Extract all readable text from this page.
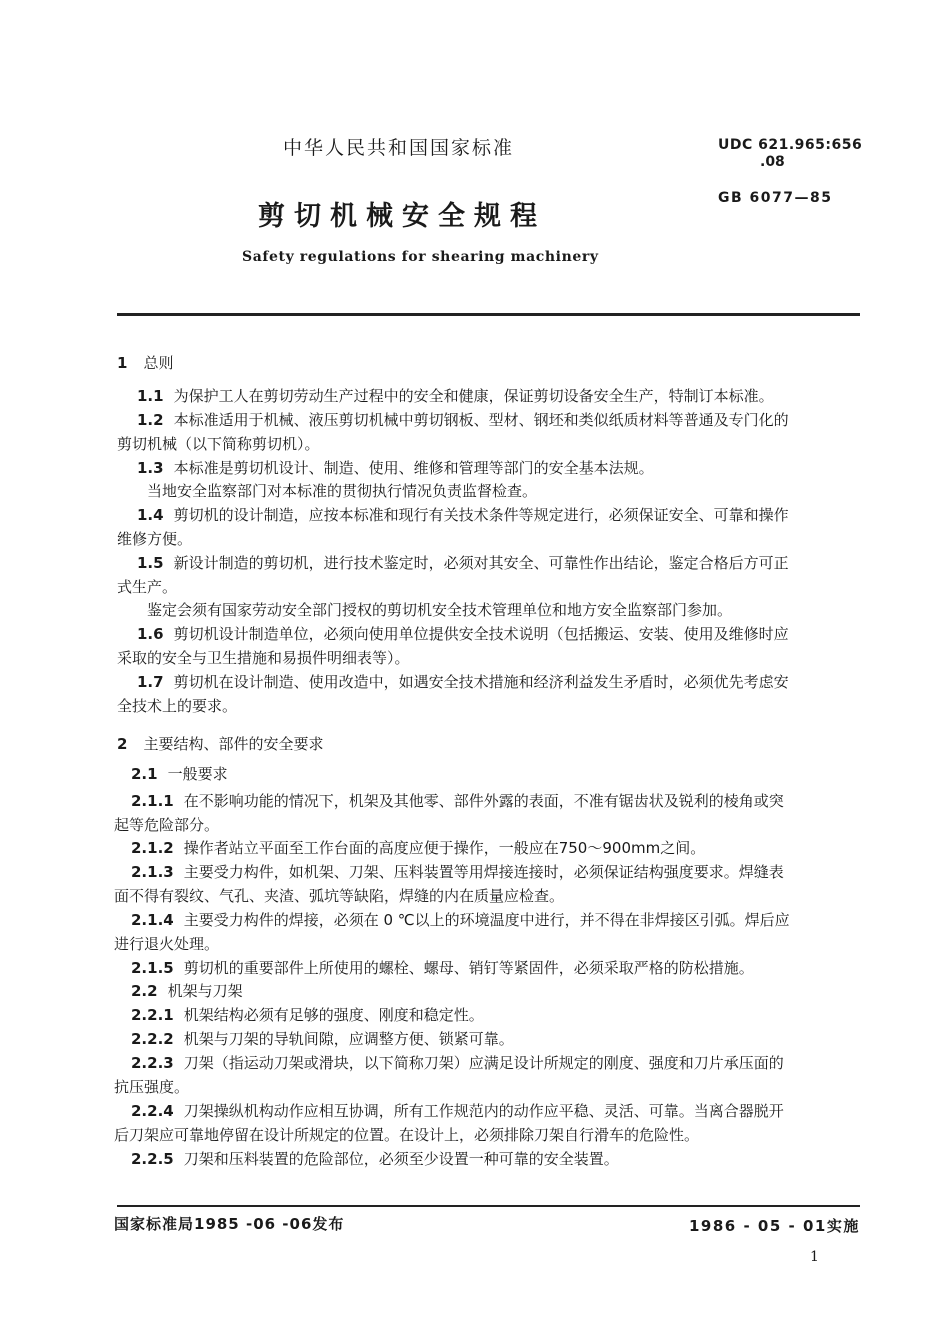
中华人民共和国国家标准	UDC 621.965:656
.08
剪切机械安全规程
GB 6077—85
Safety regulations for shearing machinery
1 总则
1.1 为保护工人在剪切劳动生产过程中的安全和健康，保证剪切设备安全生产，特制订本标准。
1.2 本标准适用于机械、液压剪切机械中剪切钢板、型材、钢坯和类似纸质材料等普通及专门化的
剪切机械（以下简称剪切机）。
1.3 本标准是剪切机设计、制造、使用、维修和管理等部门的安全基本法规。
当地安全监察部门对本标准的贯彻执行情况负责监督检查。
1.4 剪切机的设计制造，应按本标准和现行有关技术条件等规定进行，必须保证安全、可靠和操作
维修方便。
1.5 新设计制造的剪切机，进行技术鉴定时，必须对其安全、可靠性作出结论，鉴定合格后方可正
式生产。
鉴定会须有国家劳动安全部门授权的剪切机安全技术管理单位和地方安全监察部门参加。
1.6 剪切机设计制造单位，必须向使用单位提供安全技术说明（包括搬运、安装、使用及维修时应
采取的安全与卫生措施和易损件明细表等）。
1.7 剪切机在设计制造、使用改造中，如遇安全技术措施和经济利益发生矛盾时，必须优先考虑安
全技术上的要求。
2 主要结构、部件的安全要求
2.1 一般要求
2.1.1 在不影响功能的情况下，机架及其他零、部件外露的表面，不准有锯齿状及锐利的棱角或突
起等危险部分。
2.1.2 操作者站立平面至工作台面的高度应便于操作，一般应在750～900mm之间。
2.1.3 主要受力构件，如机架、刀架、压料装置等用焊接连接时，必须保证结构强度要求。焊缝表
面不得有裂纹、气孔、夹渣、弧坑等缺陷，焊缝的内在质量应检查。
2.1.4 主要受力构件的焊接，必须在 0 ℃以上的环境温度中进行，并不得在非焊接区引弧。焊后应
进行退火处理。
2.1.5 剪切机的重要部件上所使用的螺栓、螺母、销钉等紧固件，必须采取严格的防松措施。
2.2 机架与刀架
2.2.1 机架结构必须有足够的强度、刚度和稳定性。
2.2.2 机架与刀架的导轨间隙，应调整方便、锁紧可靠。
2.2.3 刀架（指运动刀架或滑块，以下简称刀架）应满足设计所规定的刚度、强度和刀片承压面的
抗压强度。
2.2.4 刀架操纵机构动作应相互协调，所有工作规范内的动作应平稳、灵活、可靠。当离合器脱开
后刀架应可靠地停留在设计所规定的位置。在设计上，必须排除刀架自行滑车的危险性。
2.2.5 刀架和压料装置的危险部位，必须至少设置一种可靠的安全装置。
国家标准局1985 -06 -06发布	1986 - 05 - 01实施
1
